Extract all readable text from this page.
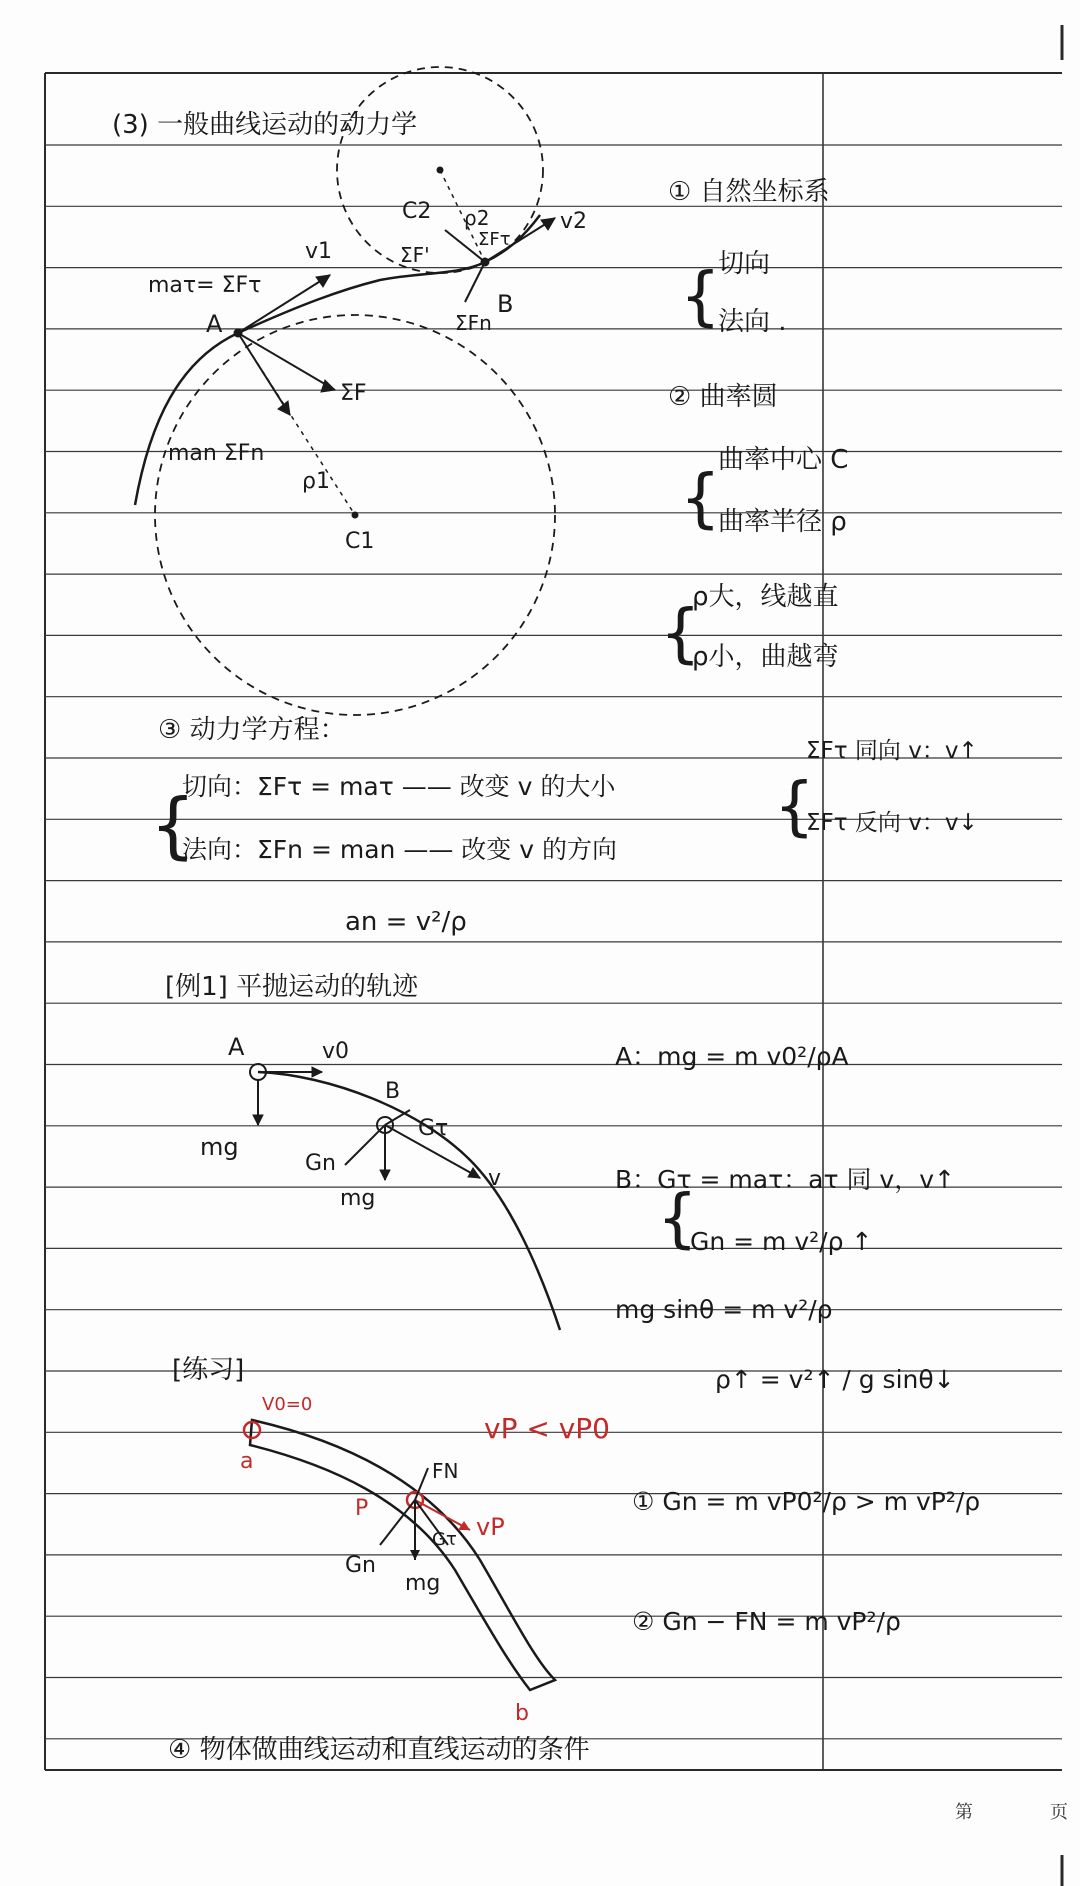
(3) 一般曲线运动的动力学
maτ= ΣFτ
man ΣFn
A
B
C1
C2
ρ1
ρ2
v1
v2
ΣF
ΣF'
ΣFn
ΣFτ
① 自然坐标系
{
切向
法向 .
② 曲率圆
{
曲率中心 C
曲率半径 ρ
{
ρ大，线越直
ρ小，曲越弯
③ 动力学方程：
{
切向：ΣFτ = maτ —— 改变 v 的大小
法向：ΣFn = man —— 改变 v 的方向
{
ΣFτ 同向 v：v↑
ΣFτ 反向 v：v↓
an = v²/ρ
[例1] 平抛运动的轨迹
A	v0
mg
B
Gτ
Gn
mg
v
A：mg = m v0²/ρA
{
B：Gτ = maτ：aτ 同 v，v↑
Gn = m v²/ρ ↑
mg sinθ = m v²/ρ
ρ↑ = v²↑ / g sinθ↓
[练习]
V0=0
a
P
b
vP
vP < vP0
FN
Gn
mg
Gτ
① Gn = m vP0²/ρ > m vP²/ρ
② Gn − FN = m vP²/ρ
④ 物体做曲线运动和直线运动的条件
第	页
